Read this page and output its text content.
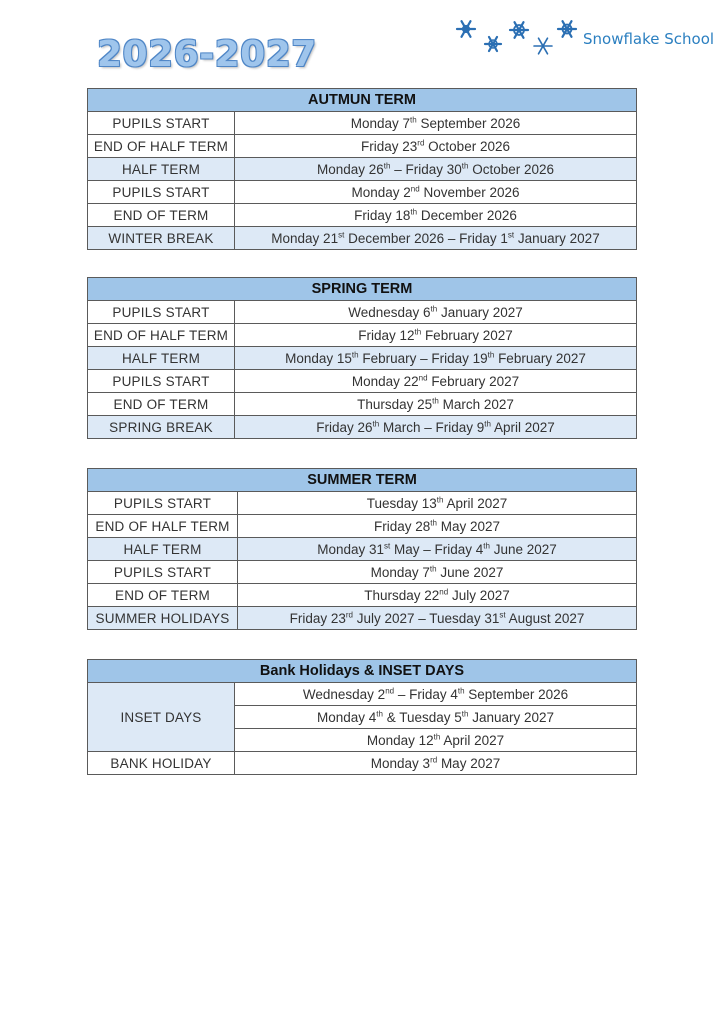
2026-2027	Snowflake School
AUTMUN TERM	
PUPILS START	Monday 7th September 2026
END OF HALF TERM	Friday 23rd October 2026
HALF TERM	Monday 26th – Friday 30th October 2026
PUPILS START	Monday 2nd November 2026
END OF TERM	Friday 18th December 2026
WINTER BREAK	Monday 21st December 2026 – Friday 1st January 2027
SPRING TERM	
PUPILS START	Wednesday 6th January 2027
END OF HALF TERM	Friday 12th February 2027
HALF TERM	Monday 15th February – Friday 19th February 2027
PUPILS START	Monday 22nd February 2027
END OF TERM	Thursday 25th March 2027
SPRING BREAK	Friday 26th March – Friday 9th April 2027
SUMMER TERM	
PUPILS START	Tuesday 13th April 2027
END OF HALF TERM	Friday 28th May 2027
HALF TERM	Monday 31st May – Friday 4th June 2027
PUPILS START	Monday 7th June 2027
END OF TERM	Thursday 22nd July 2027
SUMMER HOLIDAYS	Friday 23rd July 2027 – Tuesday 31st August 2027
Bank Holidays & INSET DAYS	
INSET DAYS	Wednesday 2nd – Friday 4th September 2026
	Monday 4th & Tuesday 5th January 2027
	Monday 12th April 2027
BANK HOLIDAY	Monday 3rd May 2027
